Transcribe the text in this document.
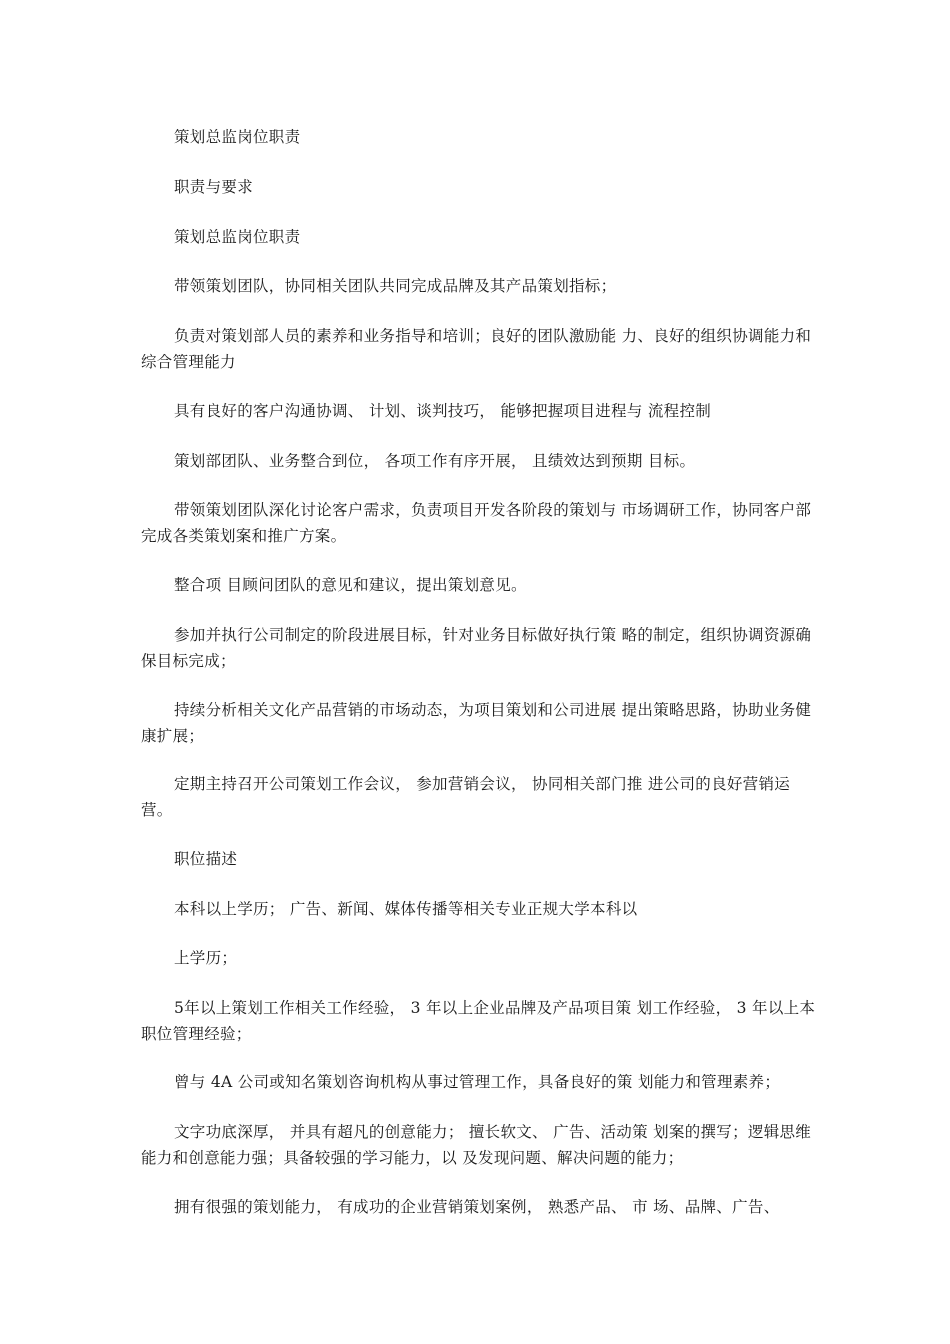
策划总监岗位职责

职责与要求

策划总监岗位职责

带领策划团队，协同相关团队共同完成品牌及其产品策划指标；

负责对策划部人员的素养和业务指导和培训；良好的团队激励能 力、良好的组织协调能力和综合管理能力

具有良好的客户沟通协调、 计划、谈判技巧， 能够把握项目进程与 流程控制

策划部团队、业务整合到位， 各项工作有序开展， 且绩效达到预期 目标。

带领策划团队深化讨论客户需求，负责项目开发各阶段的策划与 市场调研工作，协同客户部完成各类策划案和推广方案。

整合项 目顾问团队的意见和建议，提出策划意见。

参加并执行公司制定的阶段进展目标，针对业务目标做好执行策 略的制定，组织协调资源确保目标完成；

持续分析相关文化产品营销的市场动态，为项目策划和公司进展 提出策略思路，协助业务健康扩展；

定期主持召开公司策划工作会议， 参加营销会议， 协同相关部门推 进公司的良好营销运营。

职位描述

本科以上学历； 广告、新闻、媒体传播等相关专业正规大学本科以

上学历；

5年以上策划工作相关工作经验， 3 年以上企业品牌及产品项目策 划工作经验， 3 年以上本职位管理经验；

曾与 4A 公司或知名策划咨询机构从事过管理工作，具备良好的策 划能力和管理素养；

文字功底深厚， 并具有超凡的创意能力； 擅长软文、 广告、活动策 划案的撰写；逻辑思维能力和创意能力强；具备较强的学习能力，以 及发现问题、解决问题的能力；

拥有很强的策划能力， 有成功的企业营销策划案例， 熟悉产品、 市 场、品牌、广告、
